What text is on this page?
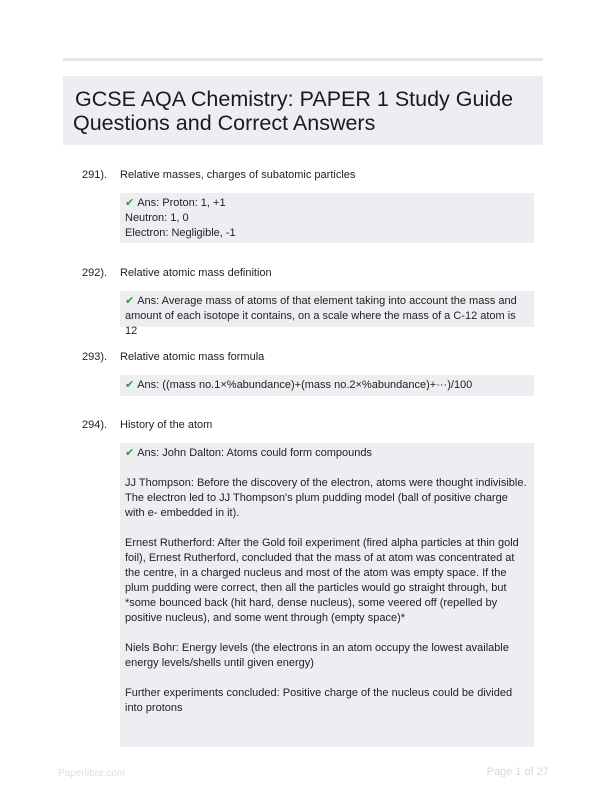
GCSE AQA Chemistry: PAPER 1 Study Guide
Questions and Correct Answers
291). Relative masses, charges of subatomic particles

✔ Ans: Proton: 1, +1

Neutron: 1, 0

Electron: Negligible, -1

292). Relative atomic mass definition

✔ Ans: Average mass of atoms of that element taking into account the mass and amount of each isotope it contains, on a scale where the mass of a C-12 atom is 12

293). Relative atomic mass formula

✔ Ans: ((mass no.1×%abundance)+(mass no.2×%abundance)+···)/100

294). History of the atom

✔ Ans: John Dalton: Atoms could form compounds

JJ Thompson: Before the discovery of the electron, atoms were thought indivisible. The electron led to JJ Thompson's plum pudding model (ball of positive charge with e- embedded in it).

Ernest Rutherford: After the Gold foil experiment (fired alpha particles at thin gold foil), Ernest Rutherford, concluded that the mass of at atom was concentrated at the centre, in a charged nucleus and most of the atom was empty space. If the plum pudding were correct, then all the particles would go straight through, but *some bounced back (hit hard, dense nucleus), some veered off (repelled by positive nucleus), and some went through (empty space)*

Niels Bohr: Energy levels (the electrons in an atom occupy the lowest available energy levels/shells until given energy)

Further experiments concluded: Positive charge of the nucleus could be divided into protons

Paperlibre.com	Page 1 of 27
